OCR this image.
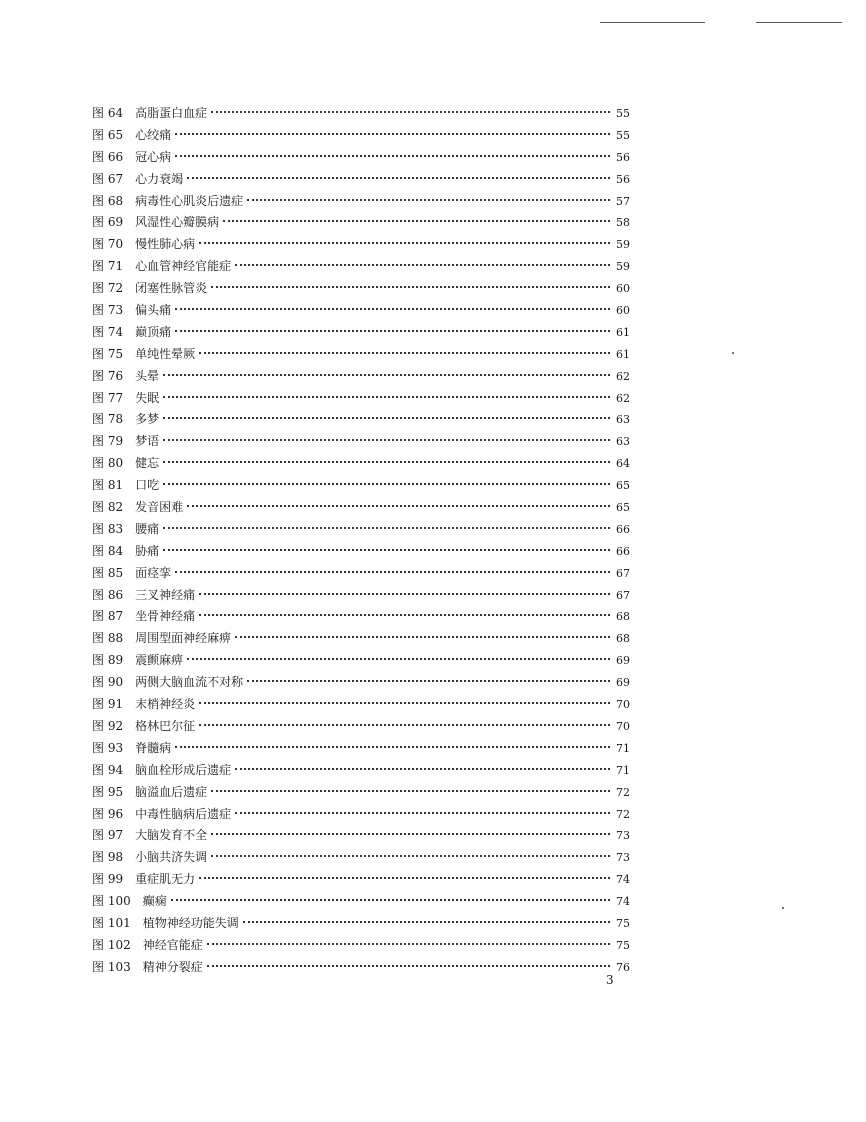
图 64 高脂蛋白血症	55
图 65 心绞痛	55
图 66 冠心病	56
图 67 心力衰竭	56
图 68 病毒性心肌炎后遗症	57
图 69 风湿性心瓣膜病	58
图 70 慢性肺心病	59
图 71 心血管神经官能症	59
图 72 闭塞性脉管炎	60
图 73 偏头痛	60
图 74 巅顶痛	61
图 75 单纯性晕厥	61
图 76 头晕	62
图 77 失眠	62
图 78 多梦	63
图 79 梦语	63
图 80 健忘	64
图 81 口吃	65
图 82 发音困难	65
图 83 腰痛	66
图 84 胁痛	66
图 85 面痉挛	67
图 86 三叉神经痛	67
图 87 坐骨神经痛	68
图 88 周围型面神经麻痹	68
图 89 震颤麻痹	69
图 90 两侧大脑血流不对称	69
图 91 末梢神经炎	70
图 92 格林巴尔征	70
图 93 脊髓病	71
图 94 脑血栓形成后遗症	71
图 95 脑溢血后遗症	72
图 96 中毒性脑病后遗症	72
图 97 大脑发育不全	73
图 98 小脑共济失调	73
图 99 重症肌无力	74
图 100 癫痫	74
图 101 植物神经功能失调	75
图 102 神经官能症	75
图 103 精神分裂症	76
3
